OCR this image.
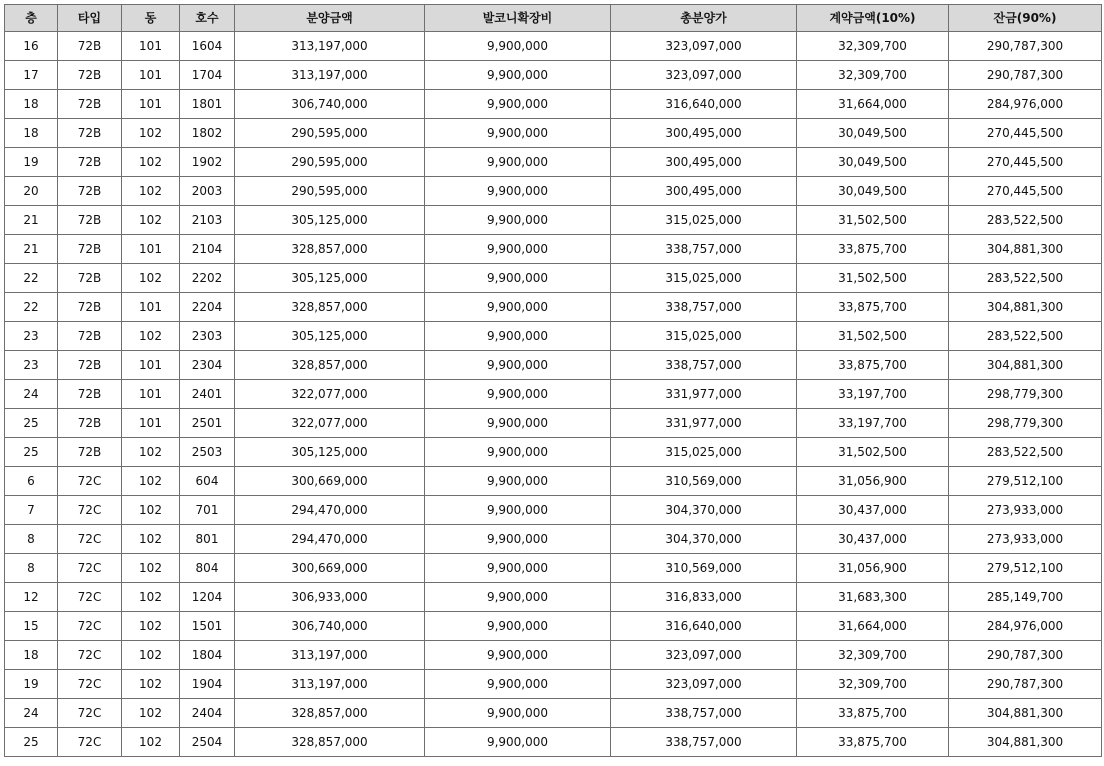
층	타입	동	호수	분양금액	발코니확장비	총분양가	계약금액(10%)	잔금(90%)
16	72B	101	1604	313,197,000	9,900,000	323,097,000	32,309,700	290,787,300
17	72B	101	1704	313,197,000	9,900,000	323,097,000	32,309,700	290,787,300
18	72B	101	1801	306,740,000	9,900,000	316,640,000	31,664,000	284,976,000
18	72B	102	1802	290,595,000	9,900,000	300,495,000	30,049,500	270,445,500
19	72B	102	1902	290,595,000	9,900,000	300,495,000	30,049,500	270,445,500
20	72B	102	2003	290,595,000	9,900,000	300,495,000	30,049,500	270,445,500
21	72B	102	2103	305,125,000	9,900,000	315,025,000	31,502,500	283,522,500
21	72B	101	2104	328,857,000	9,900,000	338,757,000	33,875,700	304,881,300
22	72B	102	2202	305,125,000	9,900,000	315,025,000	31,502,500	283,522,500
22	72B	101	2204	328,857,000	9,900,000	338,757,000	33,875,700	304,881,300
23	72B	102	2303	305,125,000	9,900,000	315,025,000	31,502,500	283,522,500
23	72B	101	2304	328,857,000	9,900,000	338,757,000	33,875,700	304,881,300
24	72B	101	2401	322,077,000	9,900,000	331,977,000	33,197,700	298,779,300
25	72B	101	2501	322,077,000	9,900,000	331,977,000	33,197,700	298,779,300
25	72B	102	2503	305,125,000	9,900,000	315,025,000	31,502,500	283,522,500
6	72C	102	604	300,669,000	9,900,000	310,569,000	31,056,900	279,512,100
7	72C	102	701	294,470,000	9,900,000	304,370,000	30,437,000	273,933,000
8	72C	102	801	294,470,000	9,900,000	304,370,000	30,437,000	273,933,000
8	72C	102	804	300,669,000	9,900,000	310,569,000	31,056,900	279,512,100
12	72C	102	1204	306,933,000	9,900,000	316,833,000	31,683,300	285,149,700
15	72C	102	1501	306,740,000	9,900,000	316,640,000	31,664,000	284,976,000
18	72C	102	1804	313,197,000	9,900,000	323,097,000	32,309,700	290,787,300
19	72C	102	1904	313,197,000	9,900,000	323,097,000	32,309,700	290,787,300
24	72C	102	2404	328,857,000	9,900,000	338,757,000	33,875,700	304,881,300
25	72C	102	2504	328,857,000	9,900,000	338,757,000	33,875,700	304,881,300
